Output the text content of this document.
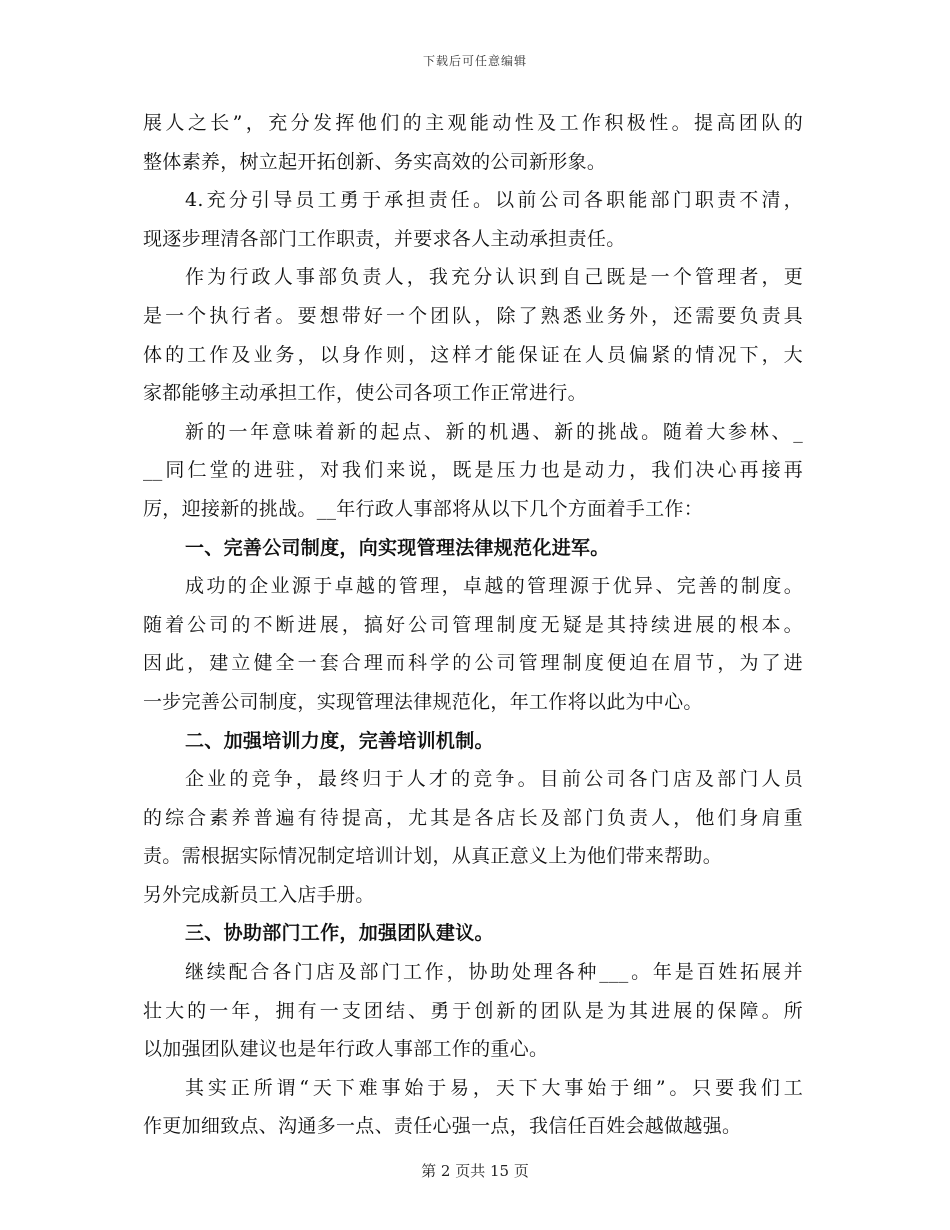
下载后可任意编辑
展人之长”，充分发挥他们的主观能动性及工作积极性。提高团队的
整体素养，树立起开拓创新、务实高效的公司新形象。
4.充分引导员工勇于承担责任。以前公司各职能部门职责不清，
现逐步理清各部门工作职责，并要求各人主动承担责任。
作为行政人事部负责人，我充分认识到自己既是一个管理者，更
是一个执行者。要想带好一个团队，除了熟悉业务外，还需要负责具
体的工作及业务，以身作则，这样才能保证在人员偏紧的情况下，大
家都能够主动承担工作，使公司各项工作正常进行。
新的一年意味着新的起点、新的机遇、新的挑战。随着大参林、_
__同仁堂的进驻，对我们来说，既是压力也是动力，我们决心再接再
厉，迎接新的挑战。__年行政人事部将从以下几个方面着手工作：
一、完善公司制度，向实现管理法律规范化进军。
成功的企业源于卓越的管理，卓越的管理源于优异、完善的制度。
随着公司的不断进展，搞好公司管理制度无疑是其持续进展的根本。
因此，建立健全一套合理而科学的公司管理制度便迫在眉节，为了进
一步完善公司制度，实现管理法律规范化，年工作将以此为中心。
二、加强培训力度，完善培训机制。
企业的竞争，最终归于人才的竞争。目前公司各门店及部门人员
的综合素养普遍有待提高，尤其是各店长及部门负责人，他们身肩重
责。需根据实际情况制定培训计划，从真正意义上为他们带来帮助。
另外完成新员工入店手册。
三、协助部门工作，加强团队建议。
继续配合各门店及部门工作，协助处理各种___。年是百姓拓展并
壮大的一年，拥有一支团结、勇于创新的团队是为其进展的保障。所
以加强团队建议也是年行政人事部工作的重心。
其实正所谓“天下难事始于易，天下大事始于细”。只要我们工
作更加细致点、沟通多一点、责任心强一点，我信任百姓会越做越强。
第 2 页共 15 页
